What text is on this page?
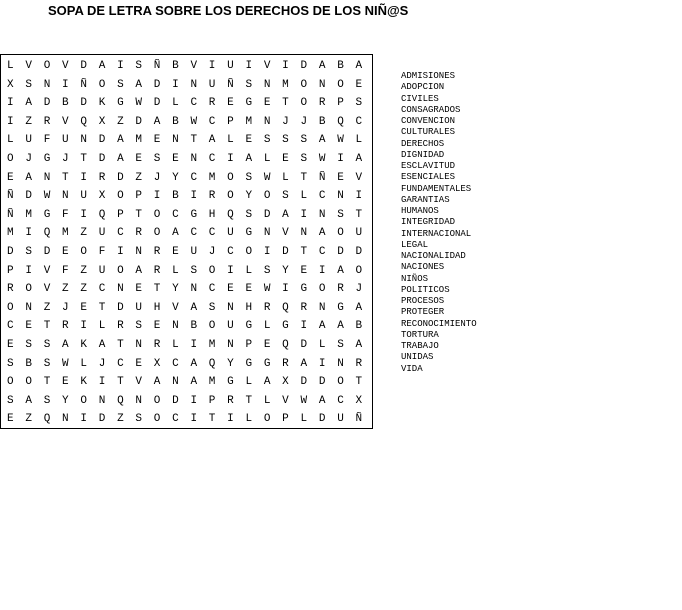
SOPA DE LETRA SOBRE LOS DERECHOS DE LOS NIÑ@S
L	V	O	V	D	A	I	S	Ñ	B	V	I	U	I	V	I	D	A	B	A
X	S	N	I	Ñ	O	S	A	D	I	N	U	Ñ	S	N	M	O	N	O	E
I	A	D	B	D	K	G	W	D	L	C	R	E	G	E	T	O	R	P	S
I	Z	R	V	Q	X	Z	D	A	B	W	C	P	M	N	J	J	B	Q	C
L	U	F	U	N	D	A	M	E	N	T	A	L	E	S	S	S	A	W	L
O	J	G	J	T	D	A	E	S	E	N	C	I	A	L	E	S	W	I	A
E	A	N	T	I	R	D	Z	J	Y	C	M	O	S	W	L	T	Ñ	E	V
Ñ	D	W	N	U	X	O	P	I	B	I	R	O	Y	O	S	L	C	N	I
Ñ	M	G	F	I	Q	P	T	O	C	G	H	Q	S	D	A	I	N	S	T
M	I	Q	M	Z	U	C	R	O	A	C	C	U	G	N	V	N	A	O	U
D	S	D	E	O	F	I	N	R	E	U	J	C	O	I	D	T	C	D	D
P	I	V	F	Z	U	O	A	R	L	S	O	I	L	S	Y	E	I	A	O
R	O	V	Z	Z	C	N	E	T	Y	N	C	E	E	W	I	G	O	R	J
O	N	Z	J	E	T	D	U	H	V	A	S	N	H	R	Q	R	N	G	A
C	E	T	R	I	L	R	S	E	N	B	O	U	G	L	G	I	A	A	B
E	S	S	A	K	A	T	N	R	L	I	M	N	P	E	Q	D	L	S	A
S	B	S	W	L	J	C	E	X	C	A	Q	Y	G	G	R	A	I	N	R
O	O	T	E	K	I	T	V	A	N	A	M	G	L	A	X	D	D	O	T
S	A	S	Y	O	N	Q	N	O	D	I	P	R	T	L	V	W	A	C	X
E	Z	Q	N	I	D	Z	S	O	C	I	T	I	L	O	P	L	D	U	Ñ
ADMISIONES
ADOPCION
CIVILES
CONSAGRADOS
CONVENCION
CULTURALES
DERECHOS
DIGNIDAD
ESCLAVITUD
ESENCIALES
FUNDAMENTALES
GARANTIAS
HUMANOS
INTEGRIDAD
INTERNACIONAL
LEGAL
NACIONALIDAD
NACIONES
NIÑOS
POLITICOS
PROCESOS
PROTEGER
RECONOCIMIENTO
TORTURA
TRABAJO
UNIDAS
VIDA
